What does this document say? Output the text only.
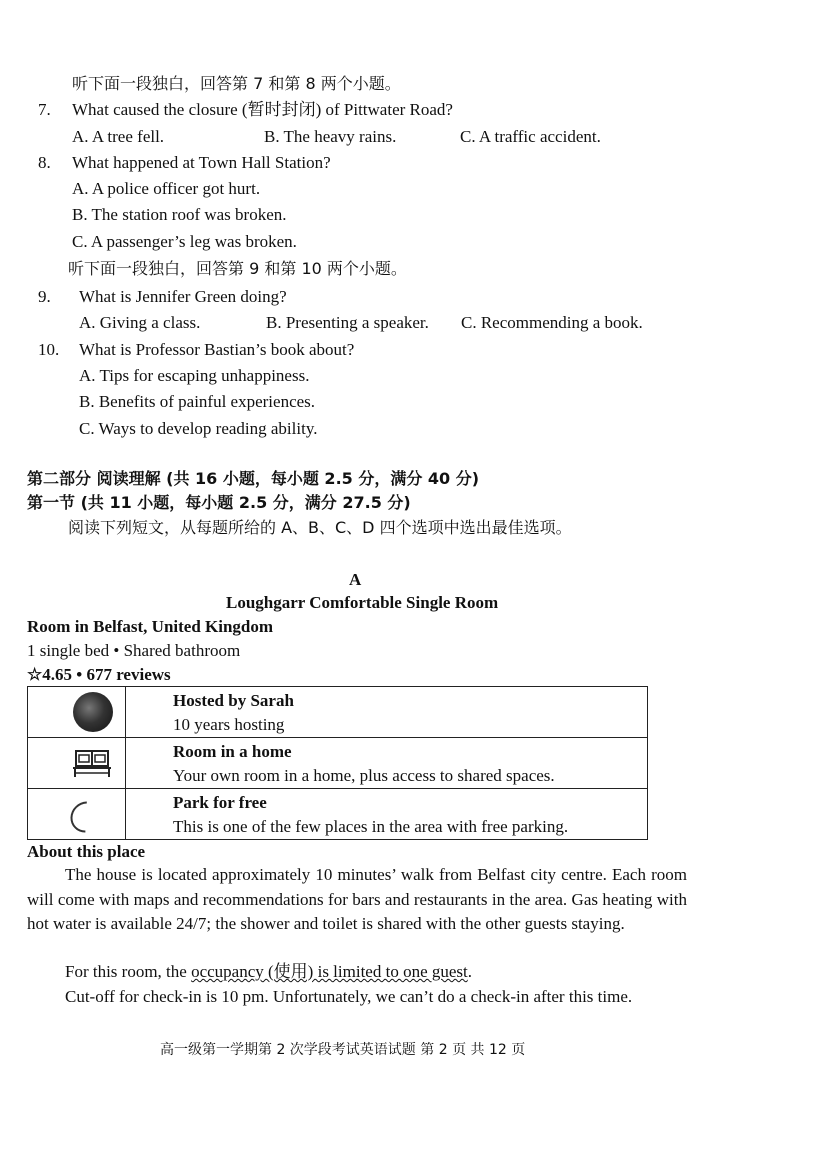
听下面一段独白，回答第 7 和第 8 两个小题。
7. What caused the closure (暂时封闭) of Pittwater Road?
A. A tree fell.	B. The heavy rains.	C. A traffic accident.
8. What happened at Town Hall Station?
A. A police officer got hurt.
B. The station roof was broken.
C. A passenger’s leg was broken.
听下面一段独白，回答第 9 和第 10 两个小题。
9. What is Jennifer Green doing?
A. Giving a class.	B. Presenting a speaker. C. Recommending a book.
10. What is Professor Bastian’s book about?
A. Tips for escaping unhappiness.
B. Benefits of painful experiences.
C. Ways to develop reading ability.
第二部分 阅读理解 (共 16 小题，每小题 2.5 分，满分 40 分)
第一节 (共 11 小题，每小题 2.5 分，满分 27.5 分)
阅读下列短文，从每题所给的 A、B、C、D 四个选项中选出最佳选项。
A
Loughgarr Comfortable Single Room
Room in Belfast, United Kingdom
1 single bed • Shared bathroom
☆4.65 • 677 reviews

	Hosted by Sarah
10 years hosting

Room in a home
Your own room in a home, plus access to shared spaces.

	Park for free
This is one of the few places in the area with free parking.
About this place
The house is located approximately 10 minutes’ walk from Belfast city centre. Each room will come with maps and recommendations for bars and restaurants in the area. Gas heating with hot water is available 24/7; the shower and toilet is shared with the other guests staying.
For this room, the occupancy (使用) is limited to one guest.
Cut-off for check-in is 10 pm. Unfortunately, we can’t do a check-in after this time.
高一级第一学期第 2 次学段考试英语试题 第 2 页 共 12 页
